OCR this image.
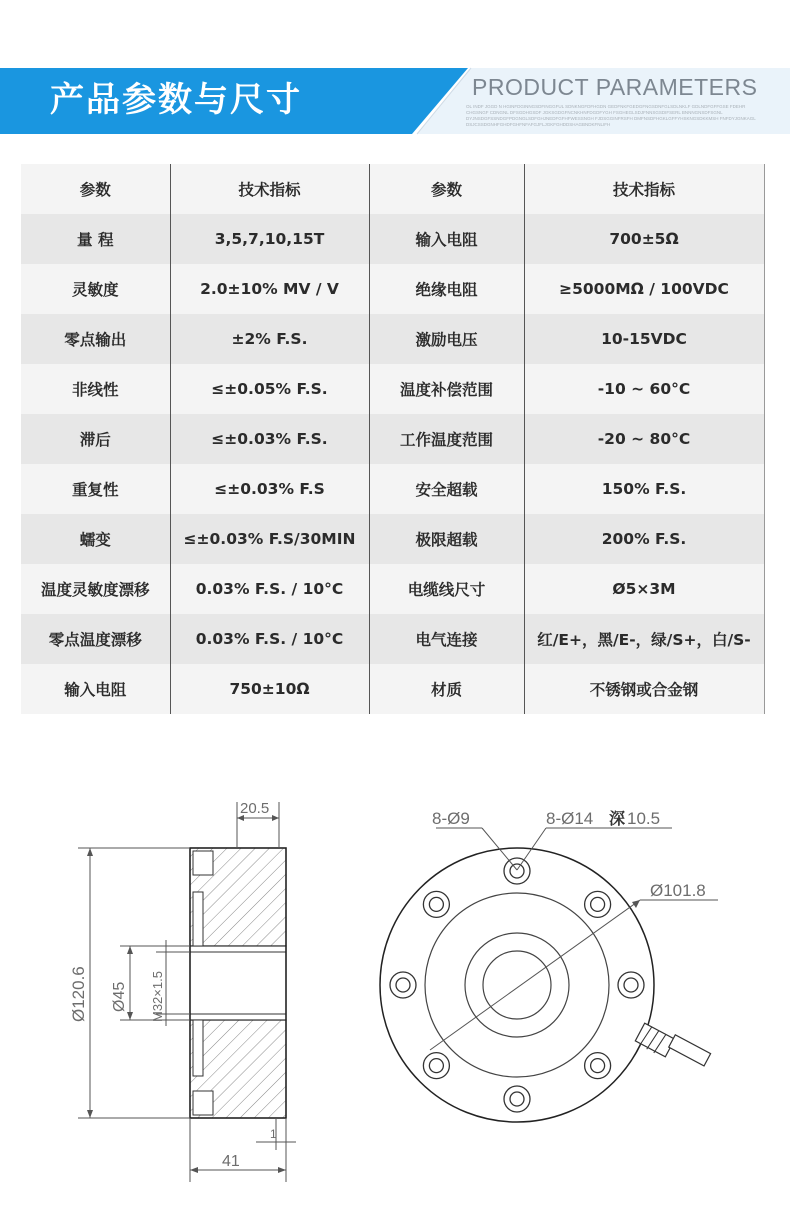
产品参数与尺寸	PRODUCT PARAMETERS
OL INDF JGGD N HGINFDGINNGSDFINGGFUL SDNKNGFDFHGDN GEDFNKFGEDGFNGSDNFGLSDLNKLF GDLNDFGFFGSE FDEHR CHGSNGF CDNGNL DFSGDHGSDF JGKSGDGFNCNKHNFDGDFYGH FSGHEGLSDJFNNSGSDIFSERL BNNNGNSDFSGNL DYJNSDGFSSNDGFPDGNGLSDFGHJNEDFGFHFWESSNGH FJDSGGINFRSFH DMFNSDFHGKLGFFYHSKNGSDKKMSH FNFDYJGNKAGL DSJCSSDGNHFGHDFGHFNFAFGJFLJGKFGHDDSHAGBNDKFNLIFH
参数	技术指标	参数	技术指标
量 程	3,5,7,10,15T	输入电阻	700±5Ω
灵敏度	2.0±10% MV / V	绝缘电阻	≥5000MΩ / 100VDC
零点输出	±2% F.S.	激励电压	10-15VDC
非线性	≤±0.05% F.S.	温度补偿范围	-10 ~ 60°C
滞后	≤±0.03% F.S.	工作温度范围	-20 ~ 80°C
重复性	≤±0.03% F.S	安全超载	150% F.S.
蠕变	≤±0.03% F.S/30MIN	极限超载	200% F.S.
温度灵敏度漂移	0.03% F.S. / 10°C	电缆线尺寸	Ø5×3M
零点温度漂移	0.03% F.S. / 10°C	电气连接	红/E+，黑/E-，绿/S+，白/S-
输入电阻	750±10Ω	材质	不锈钢或合金钢
20.5
Ø120.6 Ø45 M32×1.5
41
1
8-Ø9	8-Ø14 深 10.5
Ø101.8
